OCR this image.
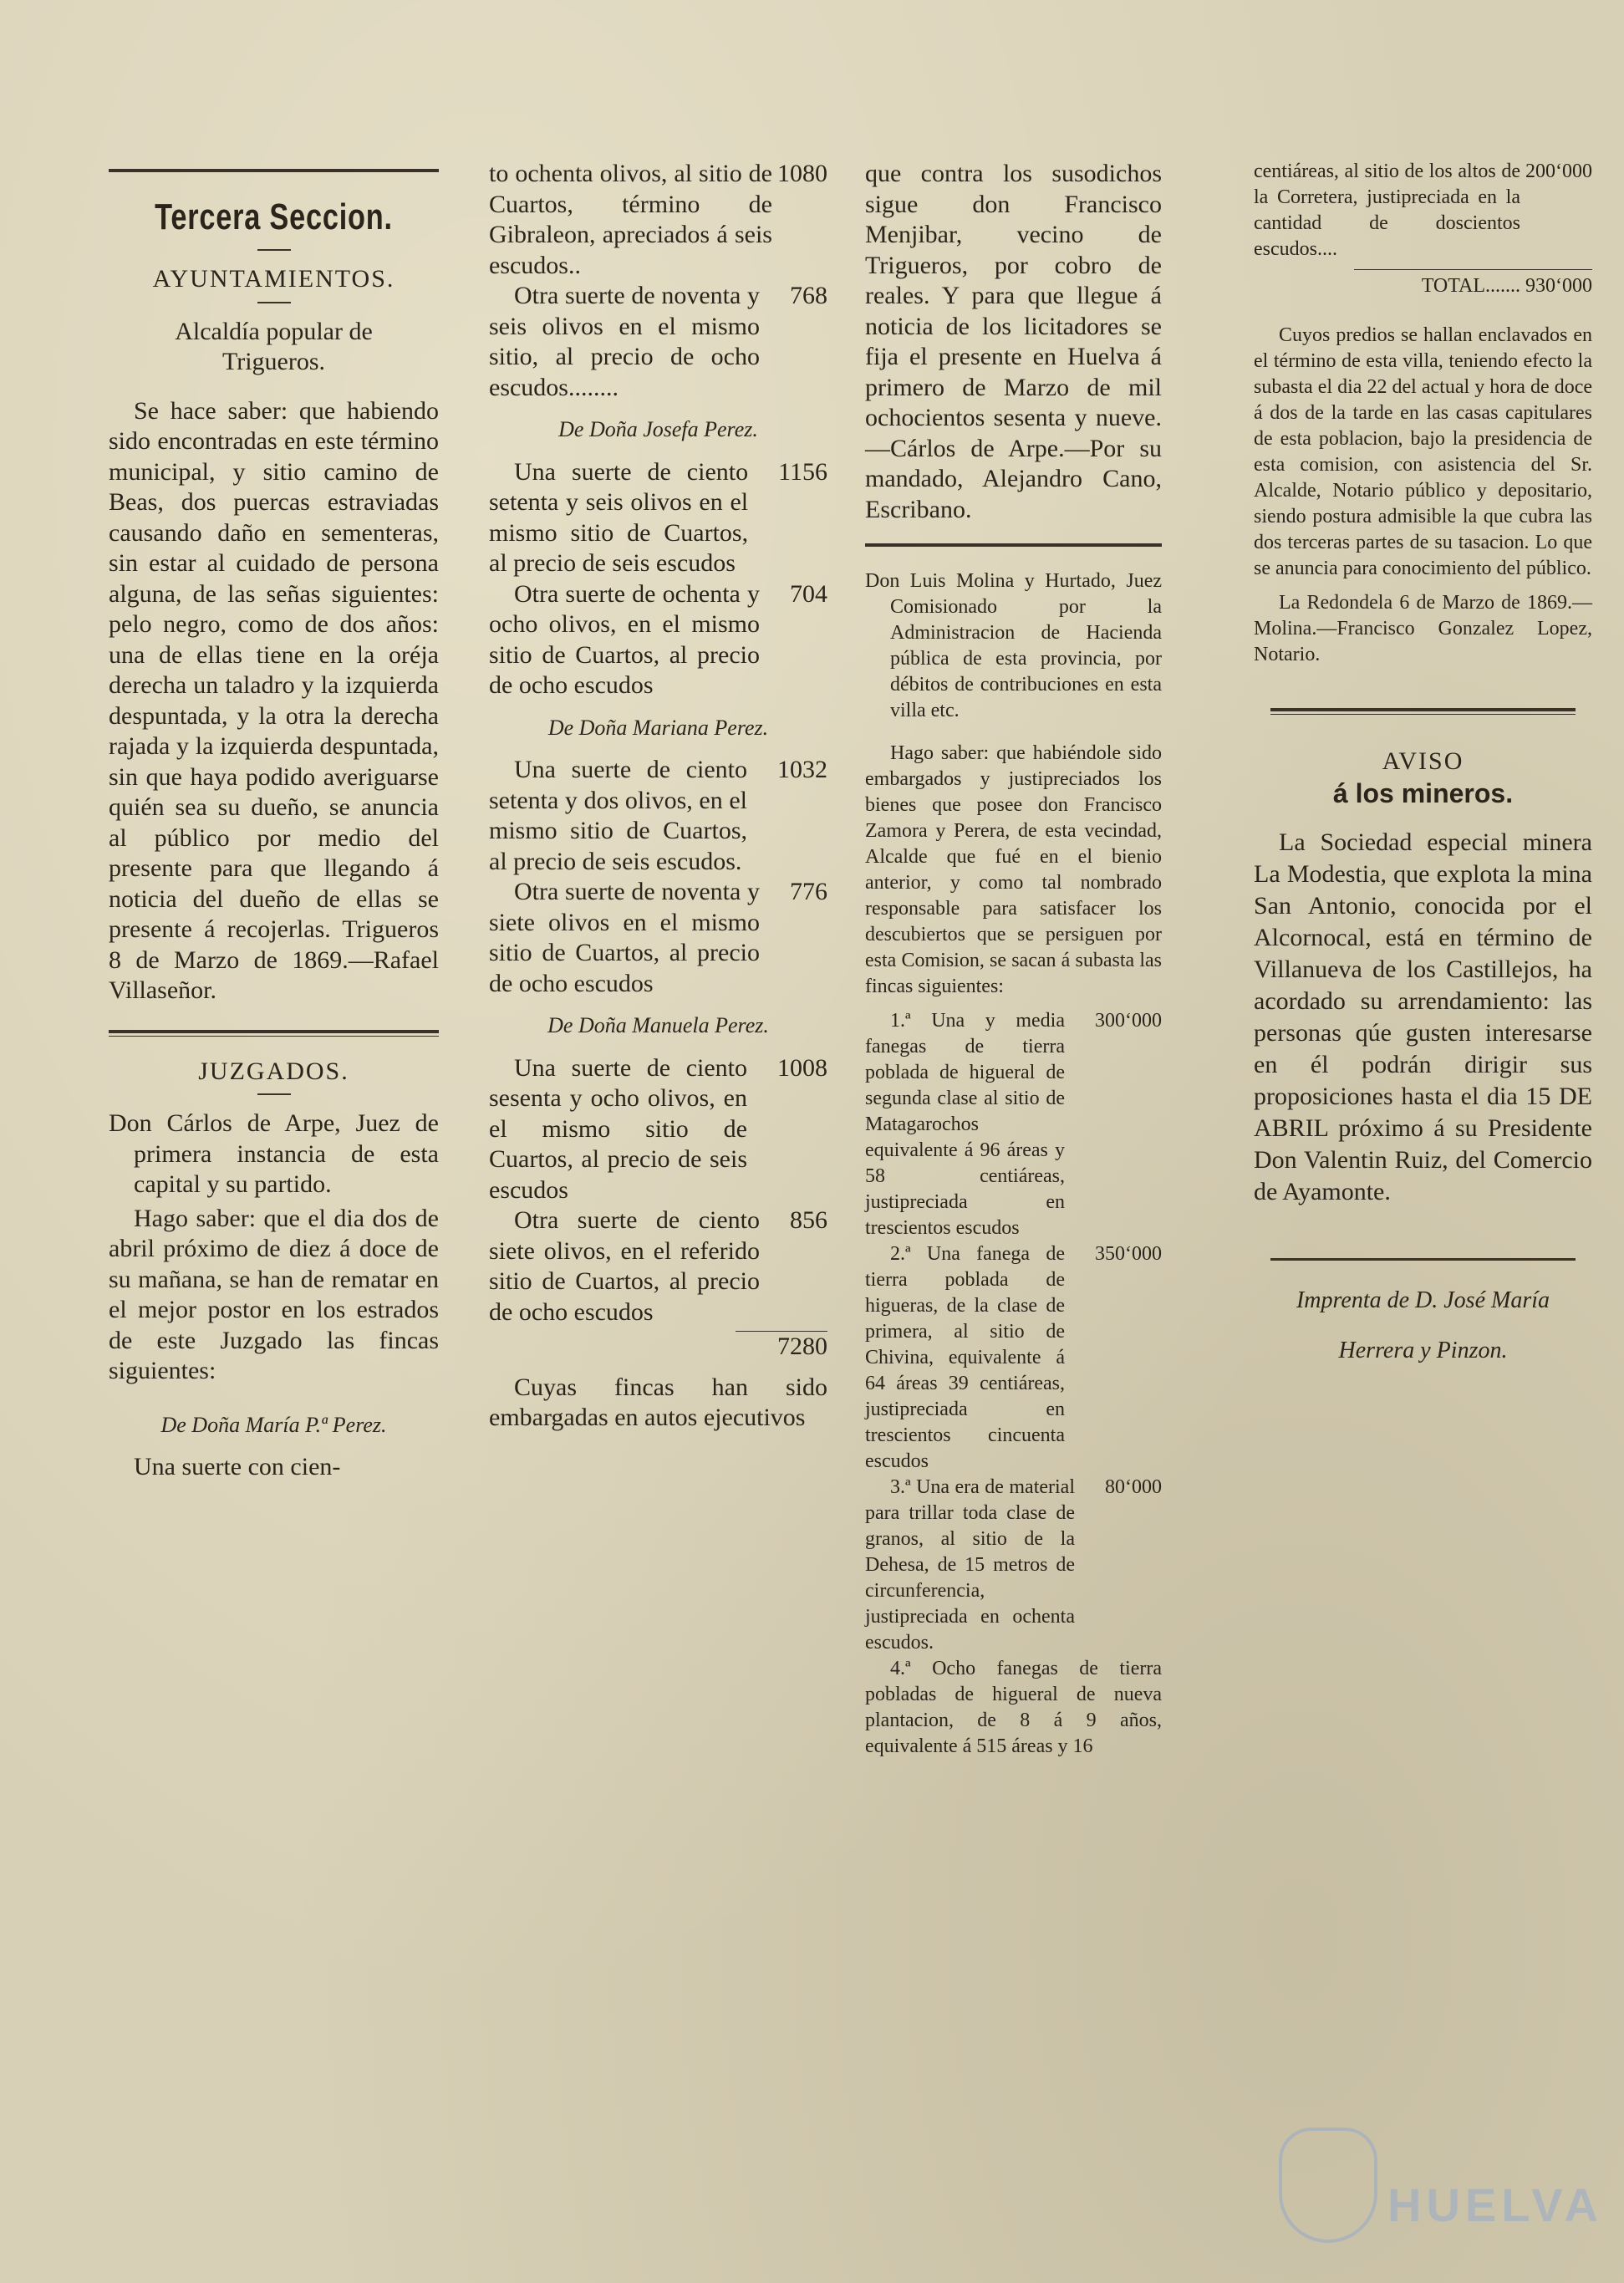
Tercera Seccion.
AYUNTAMIENTOS.
Alcaldía popular de Trigueros.

Se hace saber: que habiendo sido encontradas en este término municipal, y sitio camino de Beas, dos puercas estraviadas causando daño en sementeras, sin estar al cuidado de persona alguna, de las señas siguientes: pelo negro, como de dos años: una de ellas tiene en la oréja derecha un taladro y la izquierda despuntada, y la otra la derecha rajada y la izquierda despuntada, sin que haya podido averiguarse quién sea su dueño, se anuncia al público por medio del presente para que llegando á noticia del dueño de ellas se presente á recojerlas. Trigueros 8 de Marzo de 1869.—Rafael Villaseñor.

JUZGADOS.
Don Cárlos de Arpe, Juez de primera instancia de esta capital y su partido.

Hago saber: que el dia dos de abril próximo de diez á doce de su mañana, se han de rematar en el mejor postor en los estrados de este Juzgado las fincas siguientes:

De Doña María P.ª Perez.

Una suerte con cien-

to ochenta olivos, al sitio de Cuartos, término de Gibraleon, apreciados á seis escudos..
1080
Otra suerte de noventa y seis olivos en el mismo sitio, al precio de ocho escudos........
768
De Doña Josefa Perez.
Una suerte de ciento setenta y seis olivos en el mismo sitio de Cuartos, al precio de seis escudos
1156
Otra suerte de ochenta y ocho olivos, en el mismo sitio de Cuartos, al precio de ocho escudos
704
De Doña Mariana Perez.
Una suerte de ciento setenta y dos olivos, en el mismo sitio de Cuartos, al precio de seis escudos.
1032
Otra suerte de noventa y siete olivos en el mismo sitio de Cuartos, al precio de ocho escudos
776
De Doña Manuela Perez.
Una suerte de ciento sesenta y ocho olivos, en el mismo sitio de Cuartos, al precio de seis escudos
1008
Otra suerte de ciento siete olivos, en el referido sitio de Cuartos, al precio de ocho escudos
856
7280

Cuyas fincas han sido embargadas en autos ejecutivos

que contra los susodichos sigue don Francisco Menjibar, vecino de Trigueros, por cobro de reales. Y para que llegue á noticia de los licitadores se fija el presente en Huelva á primero de Marzo de mil ochocientos sesenta y nueve.—Cárlos de Arpe.—Por su mandado, Alejandro Cano, Escribano.

Don Luis Molina y Hurtado, Juez Comisionado por la Administracion de Hacienda pública de esta provincia, por débitos de contribuciones en esta villa etc.

Hago saber: que habiéndole sido embargados y justipreciados los bienes que posee don Francisco Zamora y Perera, de esta vecindad, Alcalde que fué en el bienio anterior, y como tal nombrado responsable para satisfacer los descubiertos que se persiguen por esta Comision, se sacan á subasta las fincas siguientes:

1.ª Una y media fanegas de tierra poblada de higueral de segunda clase al sitio de Matagarochos equivalente á 96 áreas y 58 centiáreas, justipreciada en trescientos escudos
300‘000
2.ª Una fanega de tierra poblada de higueras, de la clase de primera, al sitio de Chivina, equivalente á 64 áreas 39 centiáreas, justipreciada en trescientos cincuenta escudos
350‘000
3.ª Una era de material para trillar toda clase de granos, al sitio de la Dehesa, de 15 metros de circunferencia, justipreciada en ochenta escudos.
80‘000

4.ª Ocho fanegas de tierra pobladas de higueral de nueva plantacion, de 8 á 9 años, equivalente á 515 áreas y 16

centiáreas, al sitio de los altos de la Corretera, justipreciada en la cantidad de doscientos escudos....
200‘000
TOTAL....... 930‘000

Cuyos predios se hallan enclavados en el término de esta villa, teniendo efecto la subasta el dia 22 del actual y hora de doce á dos de la tarde en las casas capitulares de esta poblacion, bajo la presidencia de esta comision, con asistencia del Sr. Alcalde, Notario público y depositario, siendo postura admisible la que cubra las dos terceras partes de su tasacion. Lo que se anuncia para conocimiento del público.

La Redondela 6 de Marzo de 1869.— Molina.—Francisco Gonzalez Lopez, Notario.

AVISO
á los mineros.

La Sociedad especial minera La Modestia, que explota la mina San Antonio, conocida por el Alcornocal, está en término de Villanueva de los Castillejos, ha acordado su arrendamiento: las personas qúe gusten interesarse en él podrán dirigir sus proposiciones hasta el dia 15 DE ABRIL próximo á su Presidente Don Valentin Ruiz, del Comercio de Ayamonte.

Imprenta de D. José María
Herrera y Pinzon.
HUELVA
